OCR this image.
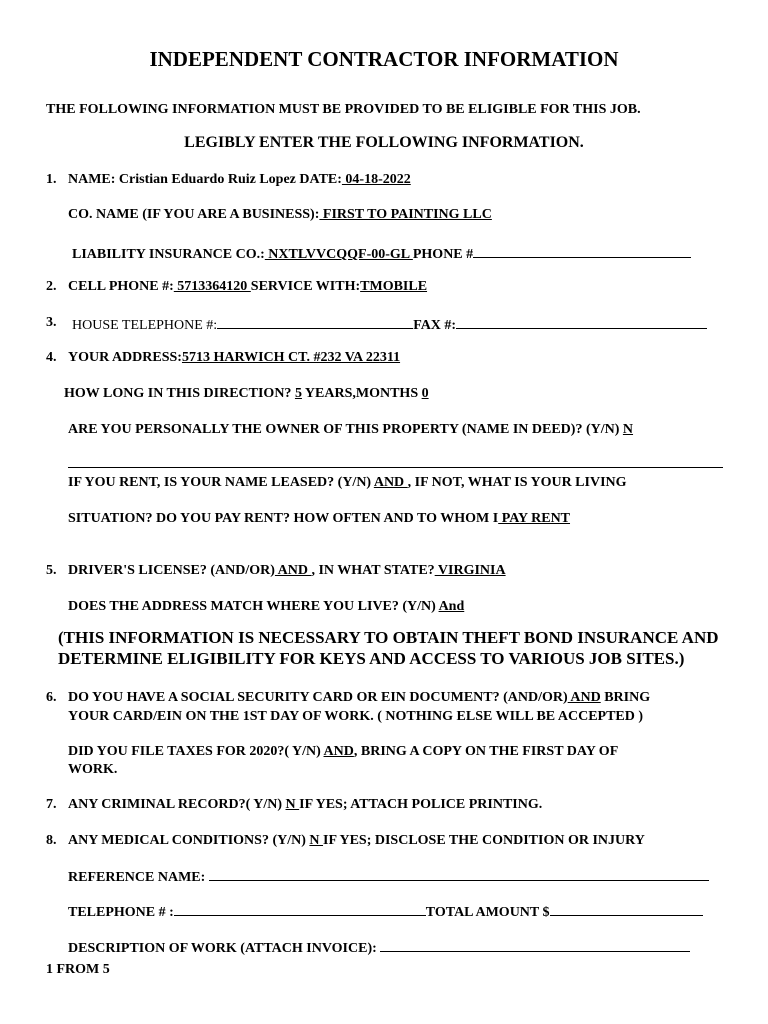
INDEPENDENT CONTRACTOR INFORMATION
THE FOLLOWING INFORMATION MUST BE PROVIDED TO BE ELIGIBLE FOR THIS JOB.
LEGIBLY ENTER THE FOLLOWING INFORMATION.
1. NAME: Cristian Eduardo Ruiz Lopez DATE: 04-18-2022
CO. NAME (IF YOU ARE A BUSINESS): FIRST TO PAINTING LLC
LIABILITY INSURANCE CO.: NXTLVVCQQF-00-GL PHONE #
2. CELL PHONE #: 5713364120 SERVICE WITH:TMOBILE
3. HOUSE TELEPHONE #:	FAX #:
4. YOUR ADDRESS:5713 HARWICH CT. #232 VA 22311
HOW LONG IN THIS DIRECTION? 5 YEARS,MONTHS 0
ARE YOU PERSONALLY THE OWNER OF THIS PROPERTY (NAME IN DEED)? (Y/N) N
IF YOU RENT, IS YOUR NAME LEASED? (Y/N) AND , IF NOT, WHAT IS YOUR LIVING
SITUATION? DO YOU PAY RENT? HOW OFTEN AND TO WHOM I PAY RENT
5. DRIVER'S LICENSE? (AND/OR) AND , IN WHAT STATE? VIRGINIA
DOES THE ADDRESS MATCH WHERE YOU LIVE? (Y/N) And
(THIS INFORMATION IS NECESSARY TO OBTAIN THEFT BOND INSURANCE AND DETERMINE ELIGIBILITY FOR KEYS AND ACCESS TO VARIOUS JOB SITES.)
6. DO YOU HAVE A SOCIAL SECURITY CARD OR EIN DOCUMENT? (AND/OR) AND BRING
YOUR CARD/EIN ON THE 1ST DAY OF WORK. ( NOTHING ELSE WILL BE ACCEPTED )
DID YOU FILE TAXES FOR 2020?( Y/N) AND, BRING A COPY ON THE FIRST DAY OF
WORK.
7. ANY CRIMINAL RECORD?( Y/N) N IF YES; ATTACH POLICE PRINTING.
8. ANY MEDICAL CONDITIONS? (Y/N) N IF YES; DISCLOSE THE CONDITION OR INJURY
REFERENCE NAME:
TELEPHONE # :	TOTAL AMOUNT $
DESCRIPTION OF WORK (ATTACH INVOICE):
1 FROM 5
